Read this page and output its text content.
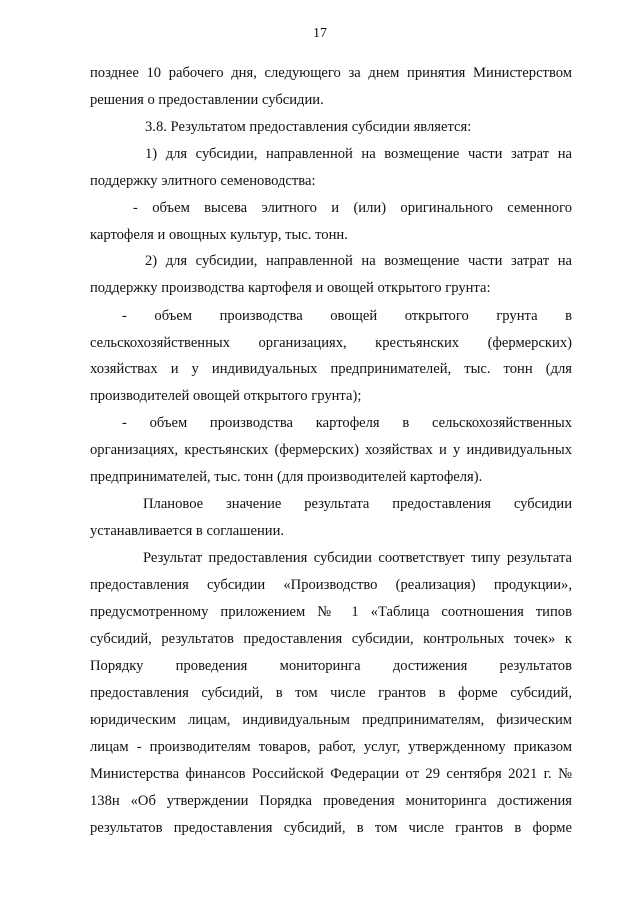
17
позднее 10 рабочего дня, следующего за днем принятия Министерством
решения о предоставлении субсидии.
3.8. Результатом предоставления субсидии является:
1) для субсидии, направленной на возмещение части затрат на
поддержку элитного семеноводства:
- объем высева элитного и (или) оригинального семенного
картофеля и овощных культур, тыс. тонн.
2) для субсидии, направленной на возмещение части затрат на
поддержку производства картофеля и овощей открытого грунта:
- объем производства овощей открытого грунта в
сельскохозяйственных организациях, крестьянских (фермерских)
хозяйствах и у индивидуальных предпринимателей, тыс. тонн (для
производителей овощей открытого грунта);
- объем производства картофеля в сельскохозяйственных
организациях, крестьянских (фермерских) хозяйствах и у индивидуальных
предпринимателей, тыс. тонн (для производителей картофеля).
Плановое значение результата предоставления субсидии
устанавливается в соглашении.
Результат предоставления субсидии соответствует типу результата
предоставления субсидии «Производство (реализация) продукции»,
предусмотренному приложением № 1 «Таблица соотношения типов
субсидий, результатов предоставления субсидии, контрольных точек» к
Порядку проведения мониторинга достижения результатов
предоставления субсидий, в том числе грантов в форме субсидий,
юридическим лицам, индивидуальным предпринимателям, физическим
лицам - производителям товаров, работ, услуг, утвержденному приказом
Министерства финансов Российской Федерации от 29 сентября 2021 г. №
138н «Об утверждении Порядка проведения мониторинга достижения
результатов предоставления субсидий, в том числе грантов в форме
